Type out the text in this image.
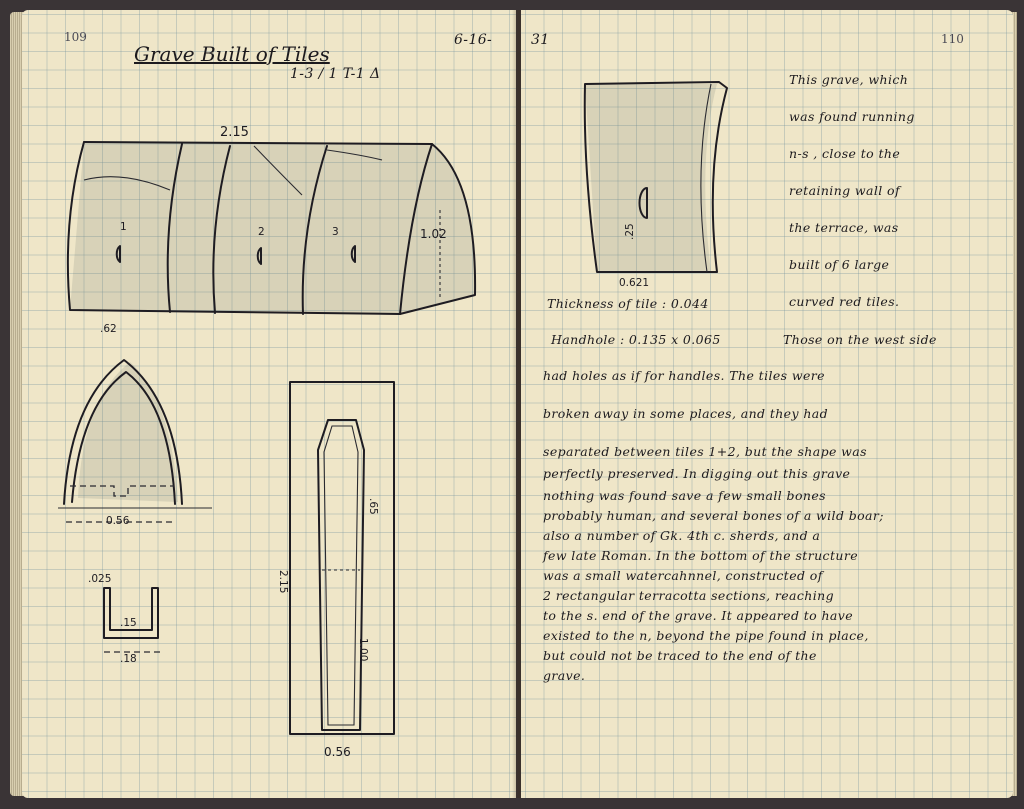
109
Grave Built of Tiles
1-3 / 1 T-1 Δ
6-16-
1	2	3
2.15
1.02
.62
0.56
.025
.15
.18
2.15
.65
1.00
0.56
110
31
.25
0.621
Thickness of tile : 0.044
Handhole : 0.135 x 0.065
This grave, which
was found running
n-s , close to the
retaining wall of
the terrace, was
built of 6 large
curved red tiles.
Those on the west side
had holes as if for handles. The tiles were
broken away in some places, and they had
separated between tiles 1+2, but the shape was
perfectly preserved. In digging out this grave
nothing was found save a few small bones
probably human, and several bones of a wild boar;
also a number of Gk. 4th c. sherds, and a
few late Roman. In the bottom of the structure
was a small watercahnnel, constructed of
2 rectangular terracotta sections, reaching
to the s. end of the grave. It appeared to have
existed to the n, beyond the pipe found in place,
but could not be traced to the end of the
grave.
